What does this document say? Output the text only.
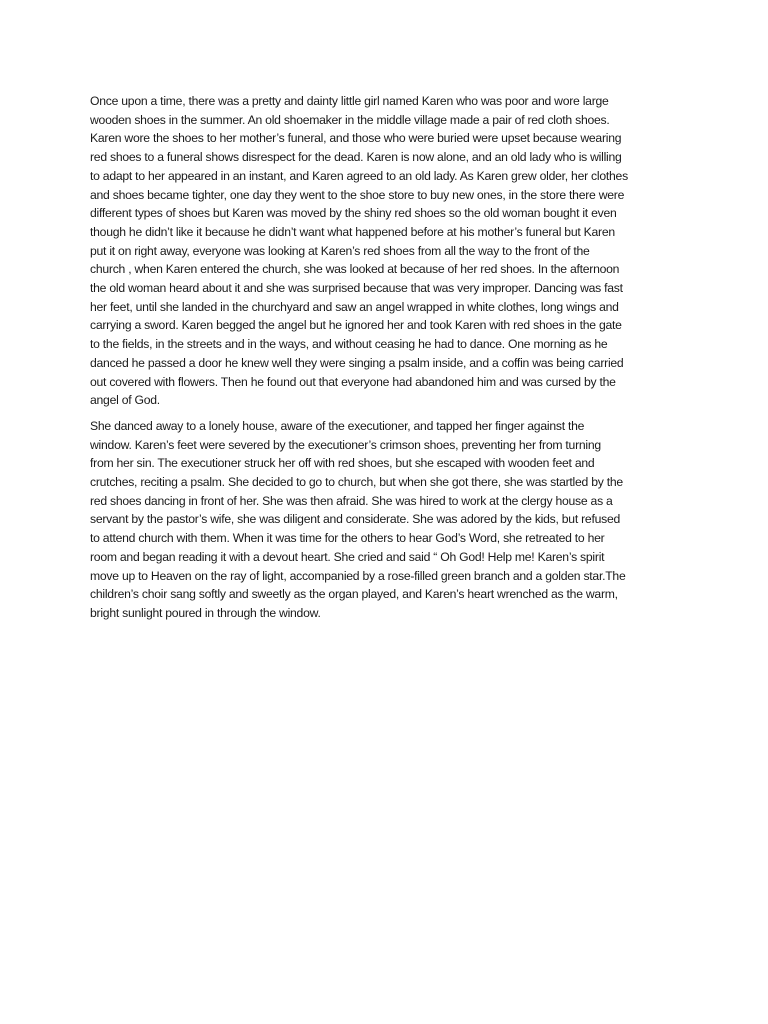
Once upon a time, there was a pretty and dainty little girl named Karen who was poor and wore large
wooden shoes in the summer. An old shoemaker in the middle village made a pair of red cloth shoes.
Karen wore the shoes to her mother’s funeral, and those who were buried were upset because wearing
red shoes to a funeral shows disrespect for the dead. Karen is now alone, and an old lady who is willing
to adapt to her appeared in an instant, and Karen agreed to an old lady. As Karen grew older, her clothes
and shoes became tighter, one day they went to the shoe store to buy new ones, in the store there were
different types of shoes but Karen was moved by the shiny red shoes so the old woman bought it even
though he didn’t like it because he didn’t want what happened before at his mother’s funeral but Karen
put it on right away, everyone was looking at Karen’s red shoes from all the way to the front of the
church , when Karen entered the church, she was looked at because of her red shoes. In the afternoon
the old woman heard about it and she was surprised because that was very improper. Dancing was fast
her feet, until she landed in the churchyard and saw an angel wrapped in white clothes, long wings and
carrying a sword. Karen begged the angel but he ignored her and took Karen with red shoes in the gate
to the fields, in the streets and in the ways, and without ceasing he had to dance. One morning as he
danced he passed a door he knew well they were singing a psalm inside, and a coffin was being carried
out covered with flowers. Then he found out that everyone had abandoned him and was cursed by the
angel of God.

She danced away to a lonely house, aware of the executioner, and tapped her finger against the
window. Karen’s feet were severed by the executioner’s crimson shoes, preventing her from turning
from her sin. The executioner struck her off with red shoes, but she escaped with wooden feet and
crutches, reciting a psalm. She decided to go to church, but when she got there, she was startled by the
red shoes dancing in front of her. She was then afraid. She was hired to work at the clergy house as a
servant by the pastor’s wife, she was diligent and considerate. She was adored by the kids, but refused
to attend church with them. When it was time for the others to hear God’s Word, she retreated to her
room and began reading it with a devout heart. She cried and said “ Oh God! Help me! Karen’s spirit
move up to Heaven on the ray of light, accompanied by a rose-filled green branch and a golden star.The
children’s choir sang softly and sweetly as the organ played, and Karen’s heart wrenched as the warm,
bright sunlight poured in through the window.
